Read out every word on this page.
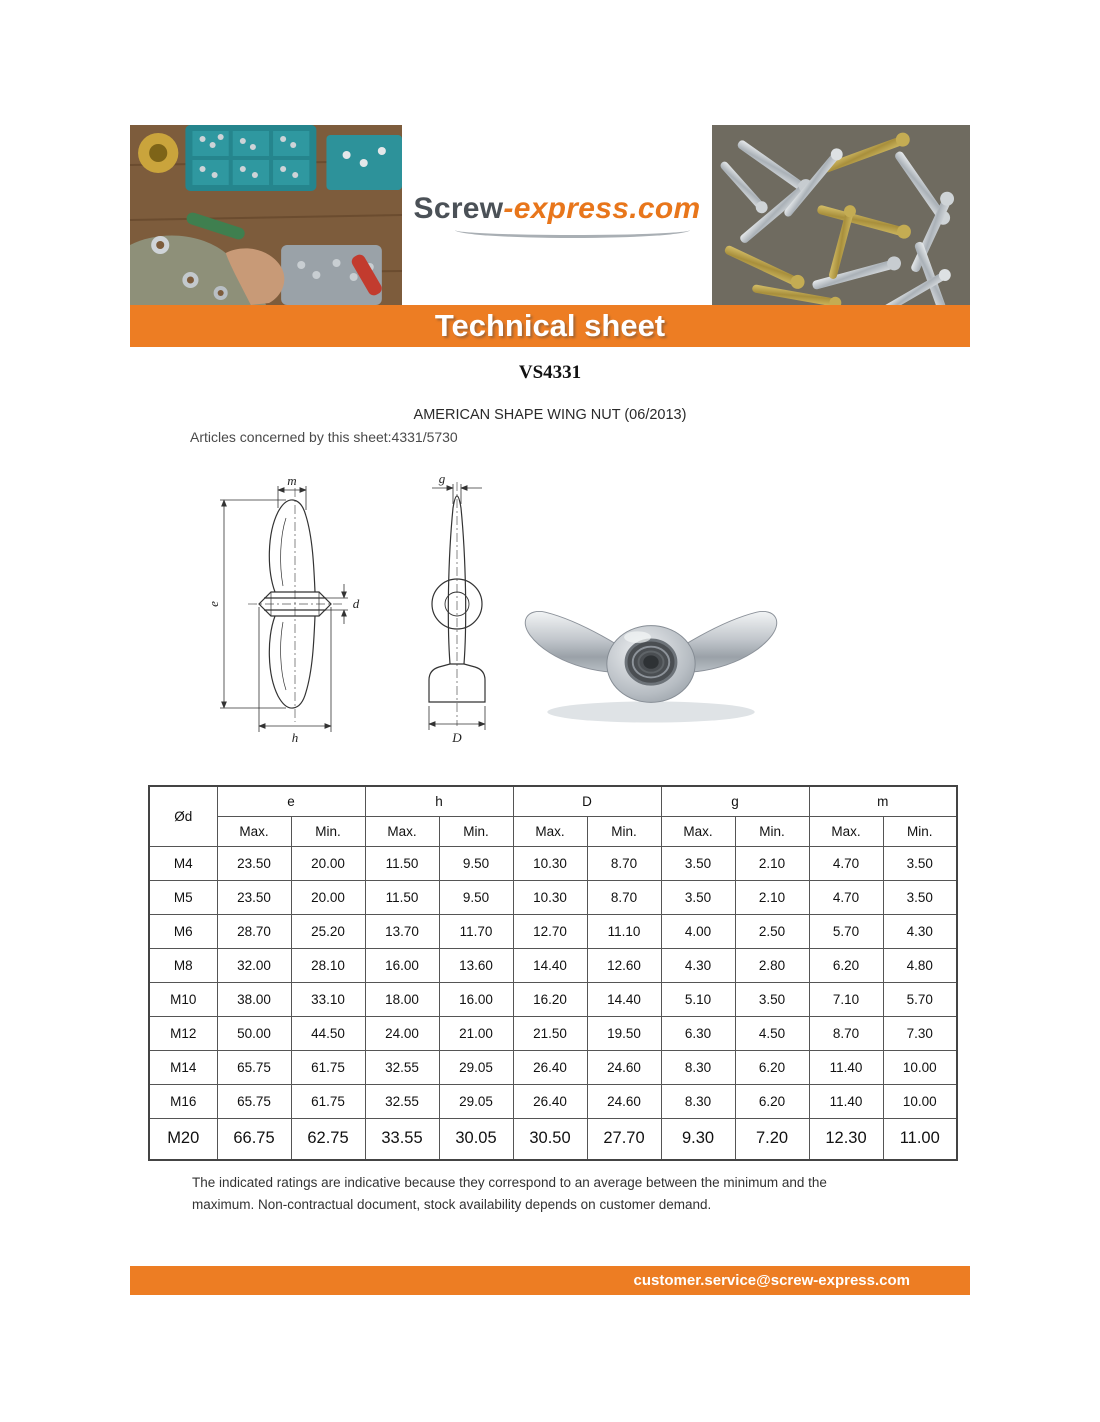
Screw-express.com
Technical sheet
VS4331
AMERICAN SHAPE WING NUT (06/2013)
Articles concerned by this sheet:4331/5730
m
e	d
h
g
D
Ød	e		h		D		g		m	
	Max.	Min.	Max.	Min.	Max.	Min.	Max.	Min.	Max.	Min.
M4	23.50	20.00	11.50	9.50	10.30	8.70	3.50	2.10	4.70	3.50
M5	23.50	20.00	11.50	9.50	10.30	8.70	3.50	2.10	4.70	3.50
M6	28.70	25.20	13.70	11.70	12.70	11.10	4.00	2.50	5.70	4.30
M8	32.00	28.10	16.00	13.60	14.40	12.60	4.30	2.80	6.20	4.80
M10	38.00	33.10	18.00	16.00	16.20	14.40	5.10	3.50	7.10	5.70
M12	50.00	44.50	24.00	21.00	21.50	19.50	6.30	4.50	8.70	7.30
M14	65.75	61.75	32.55	29.05	26.40	24.60	8.30	6.20	11.40	10.00
M16	65.75	61.75	32.55	29.05	26.40	24.60	8.30	6.20	11.40	10.00
M20	66.75	62.75	33.55	30.05	30.50	27.70	9.30	7.20	12.30	11.00
The indicated ratings are indicative because they correspond to an average between the minimum and the maximum. Non-contractual document, stock availability depends on customer demand.
customer.service@screw-express.com
